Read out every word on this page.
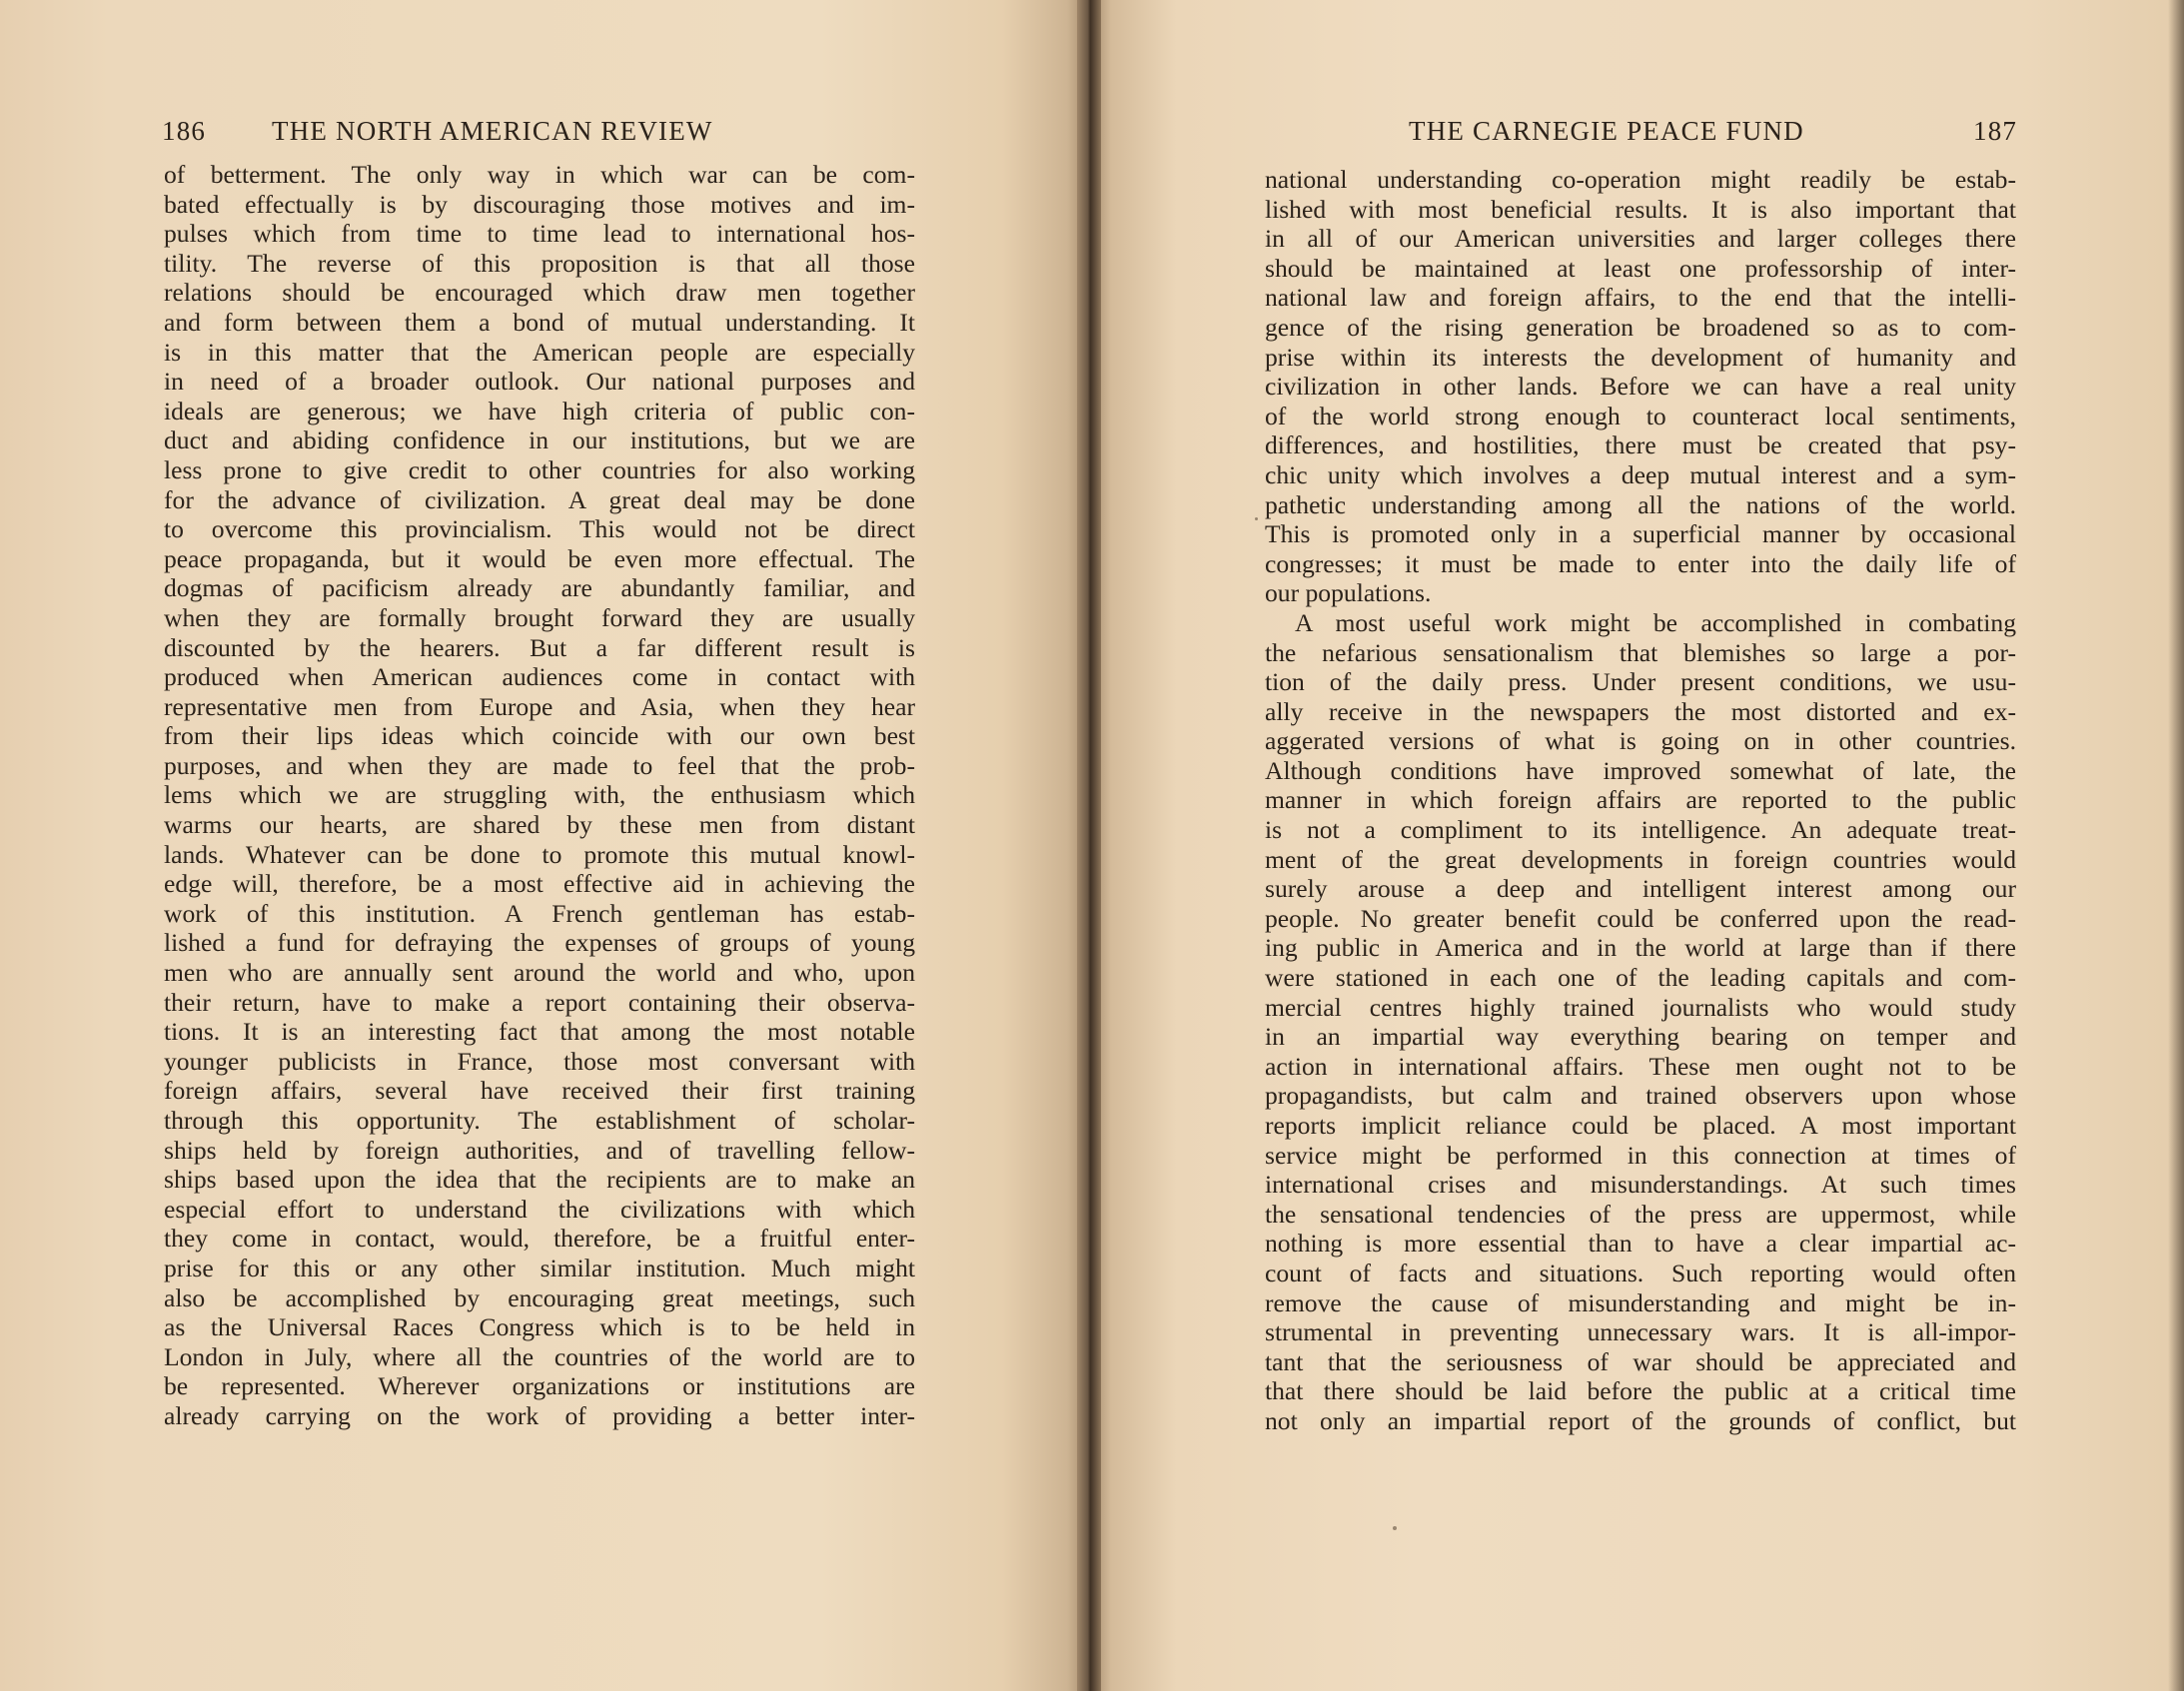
186 THE NORTH AMERICAN REVIEW
of betterment. The only way in which war can be com-
bated effectually is by discouraging those motives and im-
pulses which from time to time lead to international hos-
tility. The reverse of this proposition is that all those
relations should be encouraged which draw men together
and form between them a bond of mutual understanding. It
is in this matter that the American people are especially
in need of a broader outlook. Our national purposes and
ideals are generous; we have high criteria of public con-
duct and abiding confidence in our institutions, but we are
less prone to give credit to other countries for also working
for the advance of civilization. A great deal may be done
to overcome this provincialism. This would not be direct
peace propaganda, but it would be even more effectual. The
dogmas of pacificism already are abundantly familiar, and
when they are formally brought forward they are usually
discounted by the hearers. But a far different result is
produced when American audiences come in contact with
representative men from Europe and Asia, when they hear
from their lips ideas which coincide with our own best
purposes, and when they are made to feel that the prob-
lems which we are struggling with, the enthusiasm which
warms our hearts, are shared by these men from distant
lands. Whatever can be done to promote this mutual knowl-
edge will, therefore, be a most effective aid in achieving the
work of this institution. A French gentleman has estab-
lished a fund for defraying the expenses of groups of young
men who are annually sent around the world and who, upon
their return, have to make a report containing their observa-
tions. It is an interesting fact that among the most notable
younger publicists in France, those most conversant with
foreign affairs, several have received their first training
through this opportunity. The establishment of scholar-
ships held by foreign authorities, and of travelling fellow-
ships based upon the idea that the recipients are to make an
especial effort to understand the civilizations with which
they come in contact, would, therefore, be a fruitful enter-
prise for this or any other similar institution. Much might
also be accomplished by encouraging great meetings, such
as the Universal Races Congress which is to be held in
London in July, where all the countries of the world are to
be represented. Wherever organizations or institutions are
already carrying on the work of providing a better inter-
THE CARNEGIE PEACE FUND	187
national understanding co-operation might readily be estab-
lished with most beneficial results. It is also important that
in all of our American universities and larger colleges there
should be maintained at least one professorship of inter-
national law and foreign affairs, to the end that the intelli-
gence of the rising generation be broadened so as to com-
prise within its interests the development of humanity and
civilization in other lands. Before we can have a real unity
of the world strong enough to counteract local sentiments,
differences, and hostilities, there must be created that psy-
chic unity which involves a deep mutual interest and a sym-
pathetic understanding among all the nations of the world.
This is promoted only in a superficial manner by occasional
congresses; it must be made to enter into the daily life of
our populations.
A most useful work might be accomplished in combating
the nefarious sensationalism that blemishes so large a por-
tion of the daily press. Under present conditions, we usu-
ally receive in the newspapers the most distorted and ex-
aggerated versions of what is going on in other countries.
Although conditions have improved somewhat of late, the
manner in which foreign affairs are reported to the public
is not a compliment to its intelligence. An adequate treat-
ment of the great developments in foreign countries would
surely arouse a deep and intelligent interest among our
people. No greater benefit could be conferred upon the read-
ing public in America and in the world at large than if there
were stationed in each one of the leading capitals and com-
mercial centres highly trained journalists who would study
in an impartial way everything bearing on temper and
action in international affairs. These men ought not to be
propagandists, but calm and trained observers upon whose
reports implicit reliance could be placed. A most important
service might be performed in this connection at times of
international crises and misunderstandings. At such times
the sensational tendencies of the press are uppermost, while
nothing is more essential than to have a clear impartial ac-
count of facts and situations. Such reporting would often
remove the cause of misunderstanding and might be in-
strumental in preventing unnecessary wars. It is all-impor-
tant that the seriousness of war should be appreciated and
that there should be laid before the public at a critical time
not only an impartial report of the grounds of conflict, but
